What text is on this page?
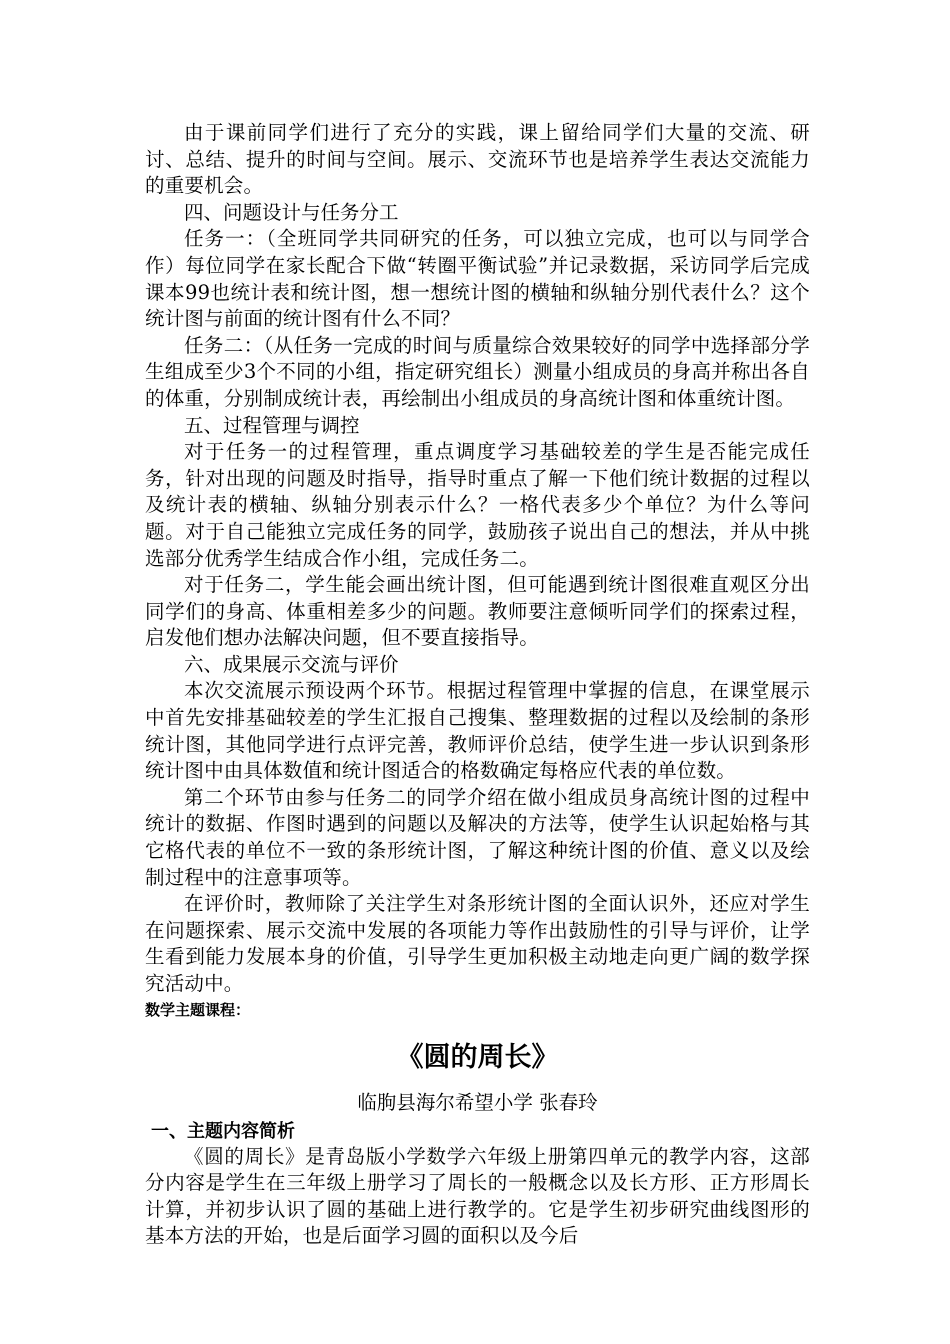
由于课前同学们进行了充分的实践，课上留给同学们大量的交流、研讨、总结、提升的时间与空间。展示、交流环节也是培养学生表达交流能力的重要机会。

四、问题设计与任务分工

任务一：（全班同学共同研究的任务，可以独立完成，也可以与同学合作）每位同学在家长配合下做“转圈平衡试验”并记录数据，采访同学后完成课本99也统计表和统计图，想一想统计图的横轴和纵轴分别代表什么？这个统计图与前面的统计图有什么不同？

任务二：（从任务一完成的时间与质量综合效果较好的同学中选择部分学生组成至少3个不同的小组，指定研究组长）测量小组成员的身高并称出各自的体重，分别制成统计表，再绘制出小组成员的身高统计图和体重统计图。

五、过程管理与调控

对于任务一的过程管理，重点调度学习基础较差的学生是否能完成任务，针对出现的问题及时指导，指导时重点了解一下他们统计数据的过程以及统计表的横轴、纵轴分别表示什么？一格代表多少个单位？为什么等问题。对于自己能独立完成任务的同学，鼓励孩子说出自己的想法，并从中挑选部分优秀学生结成合作小组，完成任务二。

对于任务二，学生能会画出统计图，但可能遇到统计图很难直观区分出同学们的身高、体重相差多少的问题。教师要注意倾听同学们的探索过程，启发他们想办法解决问题，但不要直接指导。

六、成果展示交流与评价

本次交流展示预设两个环节。根据过程管理中掌握的信息，在课堂展示中首先安排基础较差的学生汇报自己搜集、整理数据的过程以及绘制的条形统计图，其他同学进行点评完善，教师评价总结，使学生进一步认识到条形统计图中由具体数值和统计图适合的格数确定每格应代表的单位数。

第二个环节由参与任务二的同学介绍在做小组成员身高统计图的过程中统计的数据、作图时遇到的问题以及解决的方法等，使学生认识起始格与其它格代表的单位不一致的条形统计图，了解这种统计图的价值、意义以及绘制过程中的注意事项等。

在评价时，教师除了关注学生对条形统计图的全面认识外，还应对学生在问题探索、展示交流中发展的各项能力等作出鼓励性的引导与评价，让学生看到能力发展本身的价值，引导学生更加积极主动地走向更广阔的数学探究活动中。

数学主题课程：

《圆的周长》

临朐县海尔希望小学 张春玲

一、主题内容简析

《圆的周长》是青岛版小学数学六年级上册第四单元的教学内容，这部分内容是学生在三年级上册学习了周长的一般概念以及长方形、正方形周长计算，并初步认识了圆的基础上进行教学的。它是学生初步研究曲线图形的基本方法的开始，也是后面学习圆的面积以及今后
